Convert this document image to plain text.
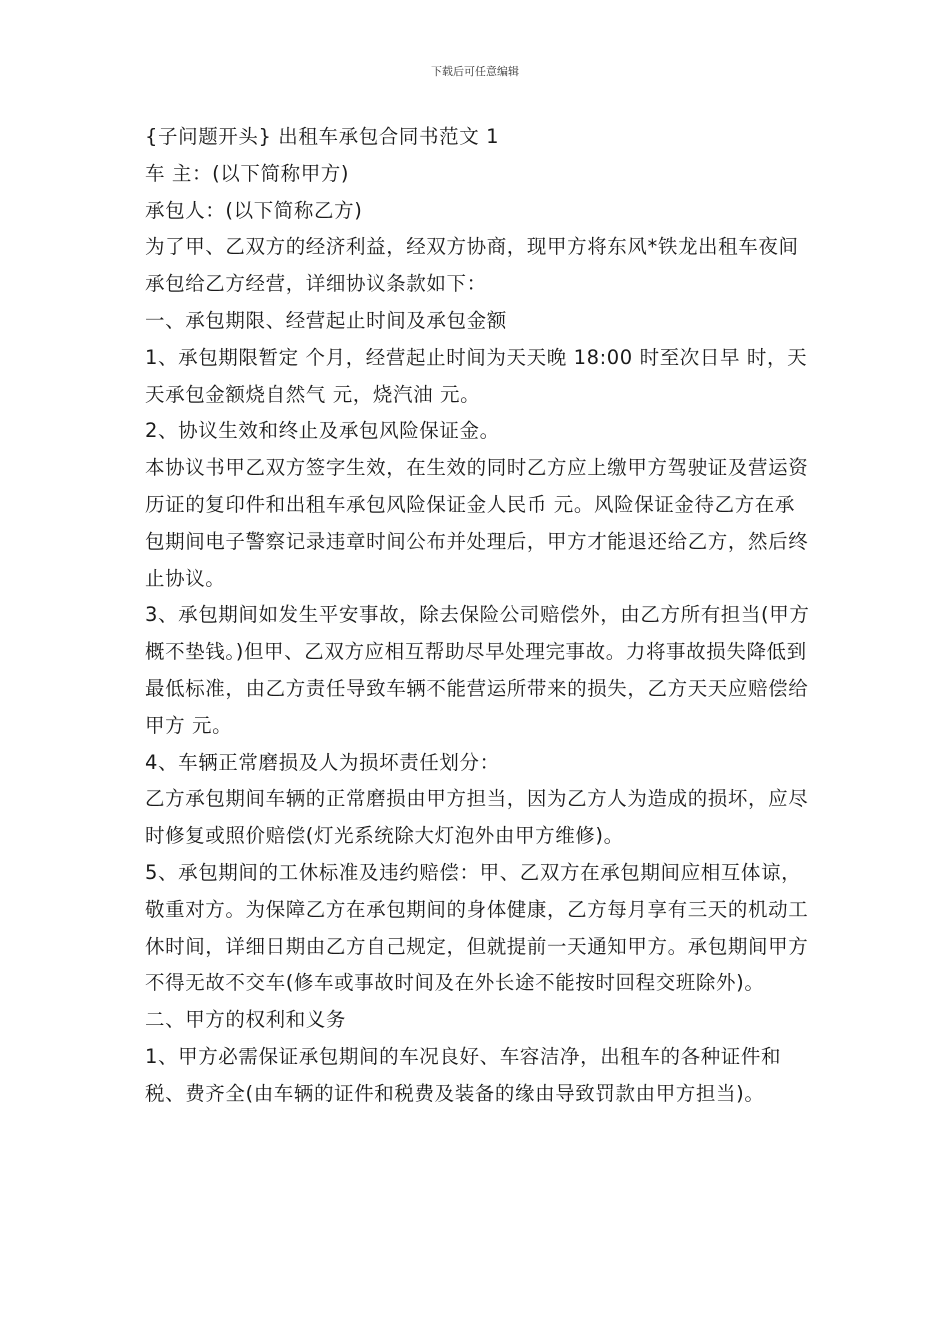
下载后可任意编辑

{子问题开头} 出租车承包合同书范文 1

车 主：(以下简称甲方)

承包人：(以下简称乙方)

为了甲、乙双方的经济利益，经双方协商，现甲方将东风*铁龙出租车夜间承包给乙方经营，详细协议条款如下：

一、承包期限、经营起止时间及承包金额

1、承包期限暂定 个月，经营起止时间为天天晚 18:00 时至次日早 时，天天承包金额烧自然气 元，烧汽油 元。

2、协议生效和终止及承包风险保证金。

本协议书甲乙双方签字生效，在生效的同时乙方应上缴甲方驾驶证及营运资历证的复印件和出租车承包风险保证金人民币 元。风险保证金待乙方在承包期间电子警察记录违章时间公布并处理后，甲方才能退还给乙方，然后终止协议。

3、承包期间如发生平安事故，除去保险公司赔偿外，由乙方所有担当(甲方概不垫钱。)但甲、乙双方应相互帮助尽早处理完事故。力将事故损失降低到最低标准，由乙方责任导致车辆不能营运所带来的损失，乙方天天应赔偿给甲方 元。

4、车辆正常磨损及人为损坏责任划分：

乙方承包期间车辆的正常磨损由甲方担当，因为乙方人为造成的损坏，应尽时修复或照价赔偿(灯光系统除大灯泡外由甲方维修)。

5、承包期间的工休标准及违约赔偿：甲、乙双方在承包期间应相互体谅，敬重对方。为保障乙方在承包期间的身体健康，乙方每月享有三天的机动工休时间，详细日期由乙方自己规定，但就提前一天通知甲方。承包期间甲方不得无故不交车(修车或事故时间及在外长途不能按时回程交班除外)。

二、甲方的权利和义务

1、甲方必需保证承包期间的车况良好、车容洁净，出租车的各种证件和税、费齐全(由车辆的证件和税费及装备的缘由导致罚款由甲方担当)。
